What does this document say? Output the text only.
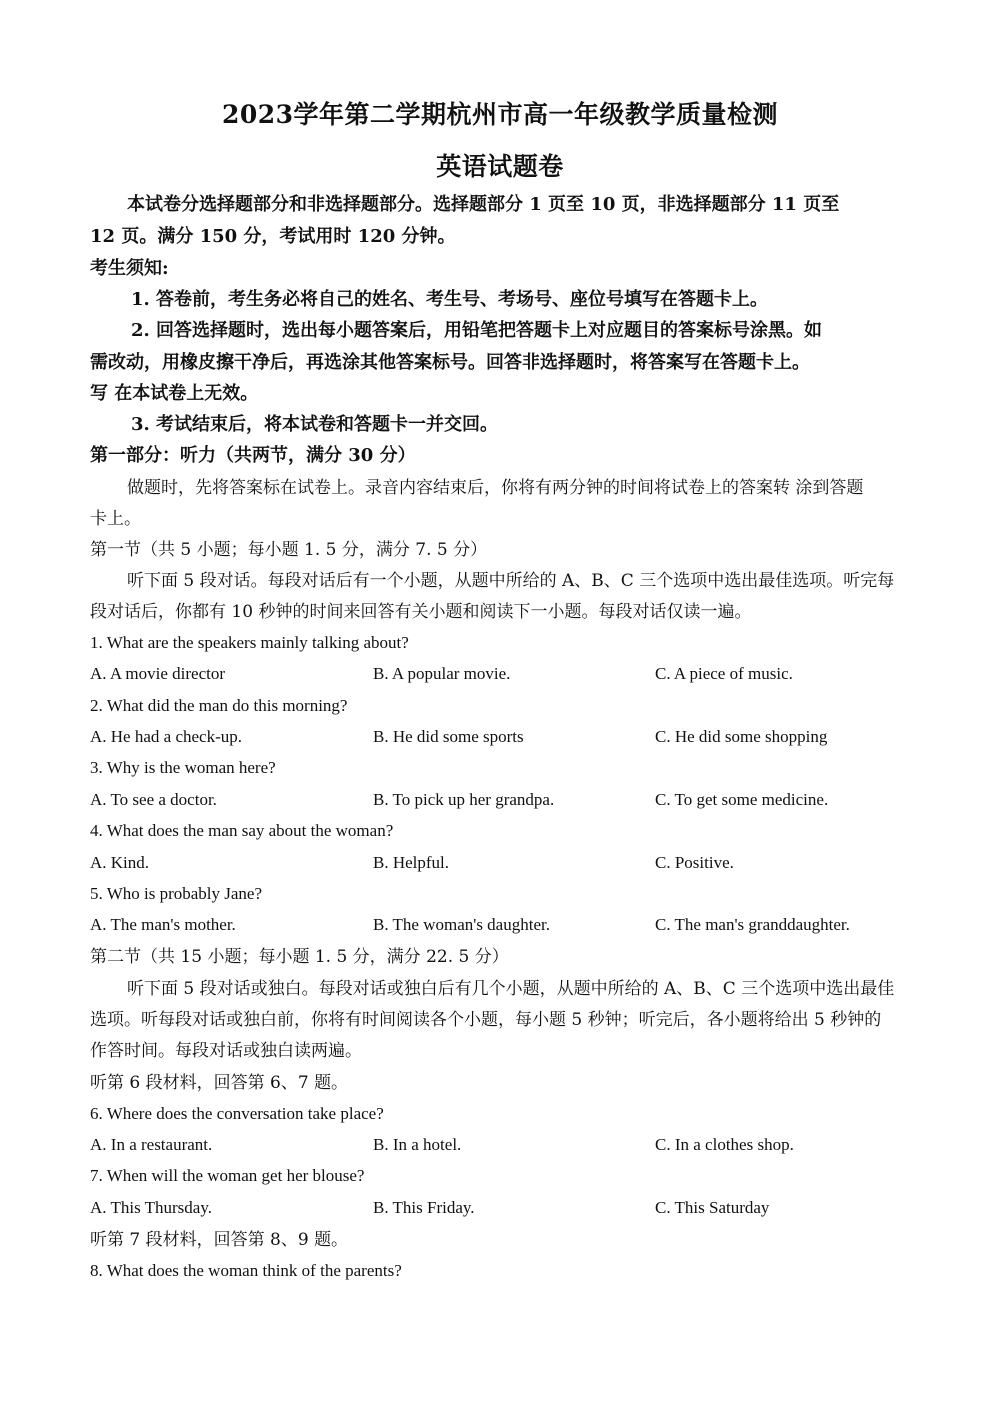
2023学年第二学期杭州市高一年级教学质量检测
英语试题卷
本试卷分选择题部分和非选择题部分。选择题部分 1 页至 10 页，非选择题部分 11 页至
12 页。满分 150 分，考试用时 120 分钟。
考生须知:
1. 答卷前，考生务必将自己的姓名、考生号、考场号、座位号填写在答题卡上。
2. 回答选择题时，选出每小题答案后，用铅笔把答题卡上对应题目的答案标号涂黑。如
需改动，用橡皮擦干净后，再选涂其他答案标号。回答非选择题时，将答案写在答题卡上。
写 在本试卷上无效。
3. 考试结束后，将本试卷和答题卡一并交回。
第一部分：听力（共两节，满分 30 分）
做题时，先将答案标在试卷上。录音内容结束后，你将有两分钟的时间将试卷上的答案转 涂到答题
卡上。
第一节（共 5 小题；每小题 1. 5 分，满分 7. 5 分）
听下面 5 段对话。每段对话后有一个小题，从题中所给的 A、B、C 三个选项中选出最佳选项。听完每
段对话后，你都有 10 秒钟的时间来回答有关小题和阅读下一小题。每段对话仅读一遍。
1. What are the speakers mainly talking about?
A. A movie director	B. A popular movie.	C. A piece of music.
2. What did the man do this morning?
A. He had a check-up.	B. He did some sports	C. He did some shopping
3. Why is the woman here?
A. To see a doctor.	B. To pick up her grandpa.	C. To get some medicine.
4. What does the man say about the woman?
A. Kind.	B. Helpful.	C. Positive.
5. Who is probably Jane?
A. The man's mother.	B. The woman's daughter.	C. The man's granddaughter.
第二节（共 15 小题；每小题 1. 5 分，满分 22. 5 分）
听下面 5 段对话或独白。每段对话或独白后有几个小题，从题中所给的 A、B、C 三个选项中选出最佳
选项。听每段对话或独白前，你将有时间阅读各个小题，每小题 5 秒钟；听完后，各小题将给出 5 秒钟的
作答时间。每段对话或独白读两遍。
听第 6 段材料，回答第 6、7 题。
6. Where does the conversation take place?
A. In a restaurant.	B. In a hotel.	C. In a clothes shop.
7. When will the woman get her blouse?
A. This Thursday.	B. This Friday.	C. This Saturday
听第 7 段材料，回答第 8、9 题。
8. What does the woman think of the parents?
